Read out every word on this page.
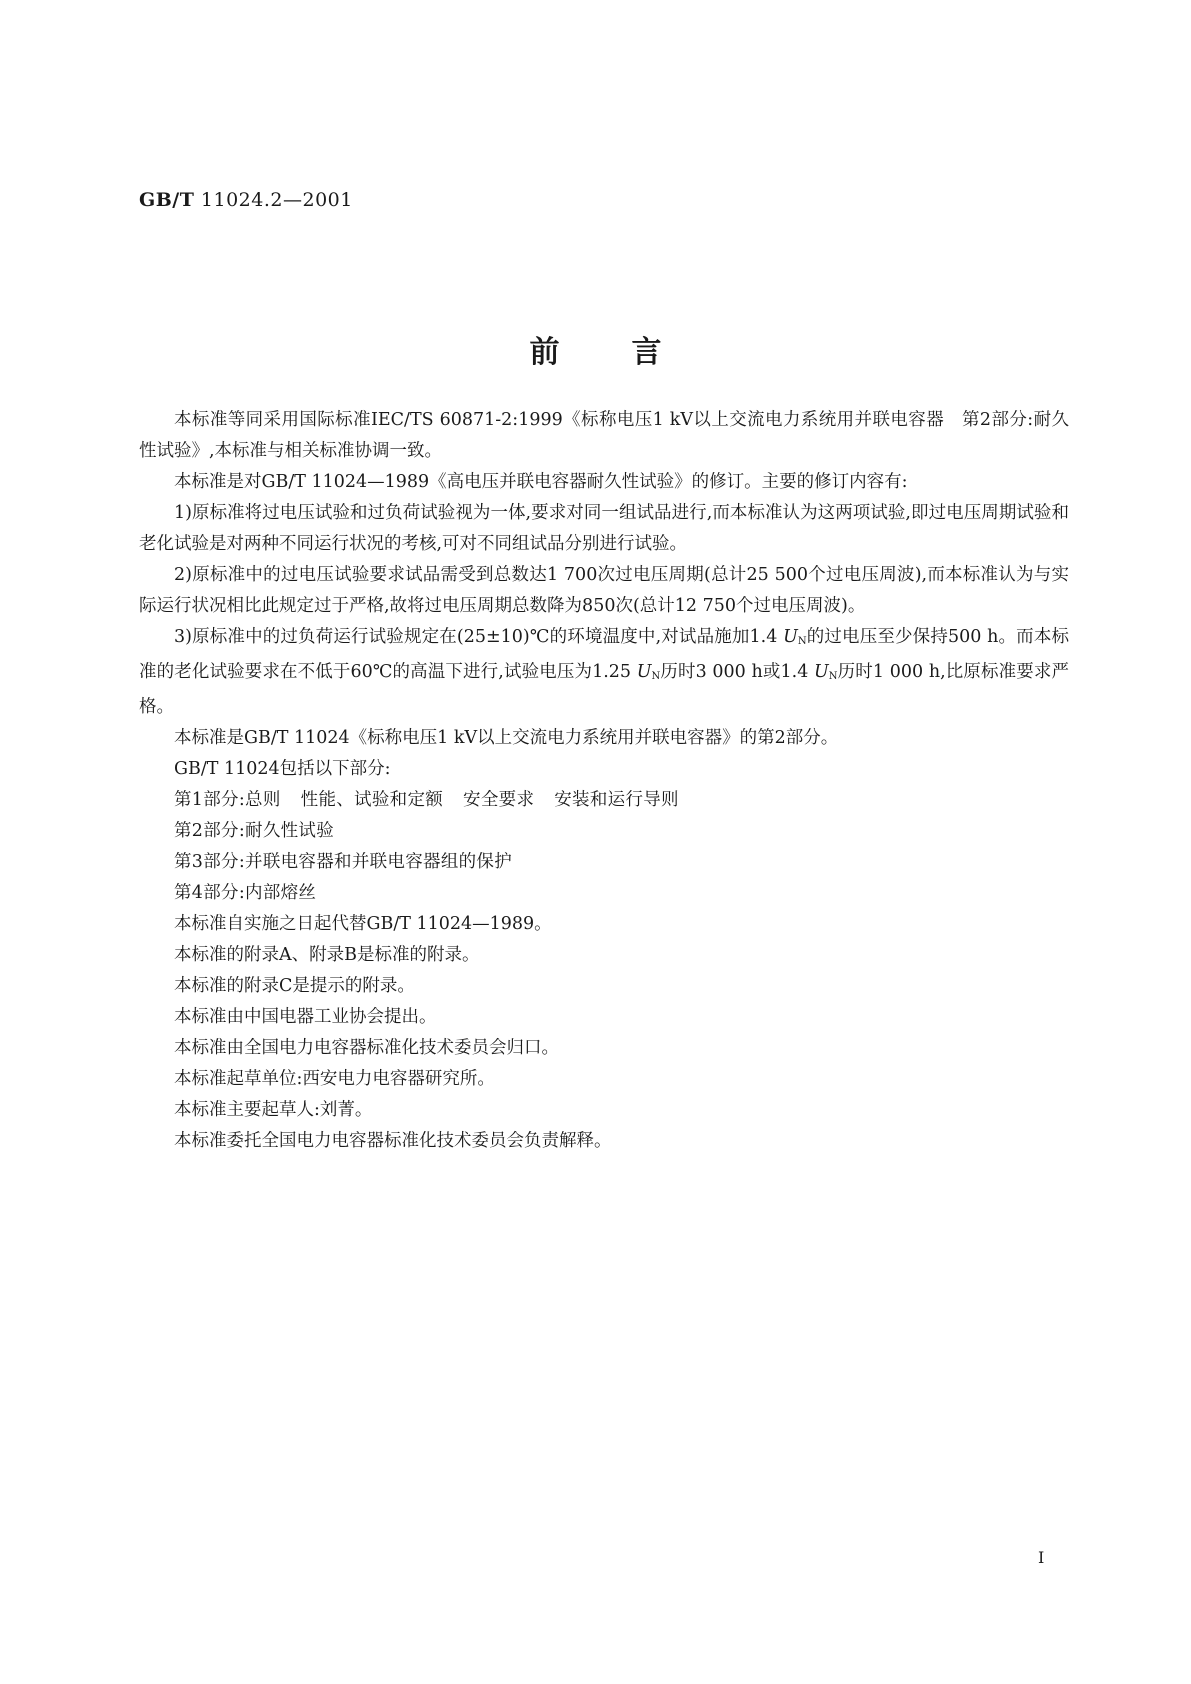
GB/T 11024.2—2001
前言

本标准等同采用国际标准IEC/TS 60871-2:1999《标称电压1 kV以上交流电力系统用并联电容器　第2部分:耐久性试验》,本标准与相关标准协调一致。

本标准是对GB/T 11024—1989《高电压并联电容器耐久性试验》的修订。主要的修订内容有:

1)原标准将过电压试验和过负荷试验视为一体,要求对同一组试品进行,而本标准认为这两项试验,即过电压周期试验和老化试验是对两种不同运行状况的考核,可对不同组试品分别进行试验。

2)原标准中的过电压试验要求试品需受到总数达1 700次过电压周期(总计25 500个过电压周波),而本标准认为与实际运行状况相比此规定过于严格,故将过电压周期总数降为850次(总计12 750个过电压周波)。

3)原标准中的过负荷运行试验规定在(25±10)℃的环境温度中,对试品施加1.4 $U_N$的过电压至少保持500 h。而本标准的老化试验要求在不低于60℃的高温下进行,试验电压为1.25 $U_N$历时3 000 h或1.4 $U_N$历时1 000 h,比原标准要求严格。

本标准是GB/T 11024《标称电压1 kV以上交流电力系统用并联电容器》的第2部分。

GB/T 11024包括以下部分:

第1部分:总则 性能、试验和定额 安全要求 安装和运行导则

第2部分:耐久性试验

第3部分:并联电容器和并联电容器组的保护

第4部分:内部熔丝

本标准自实施之日起代替GB/T 11024—1989。

本标准的附录A、附录B是标准的附录。

本标准的附录C是提示的附录。

本标准由中国电器工业协会提出。

本标准由全国电力电容器标准化技术委员会归口。

本标准起草单位:西安电力电容器研究所。

本标准主要起草人:刘菁。

本标准委托全国电力电容器标准化技术委员会负责解释。

I
